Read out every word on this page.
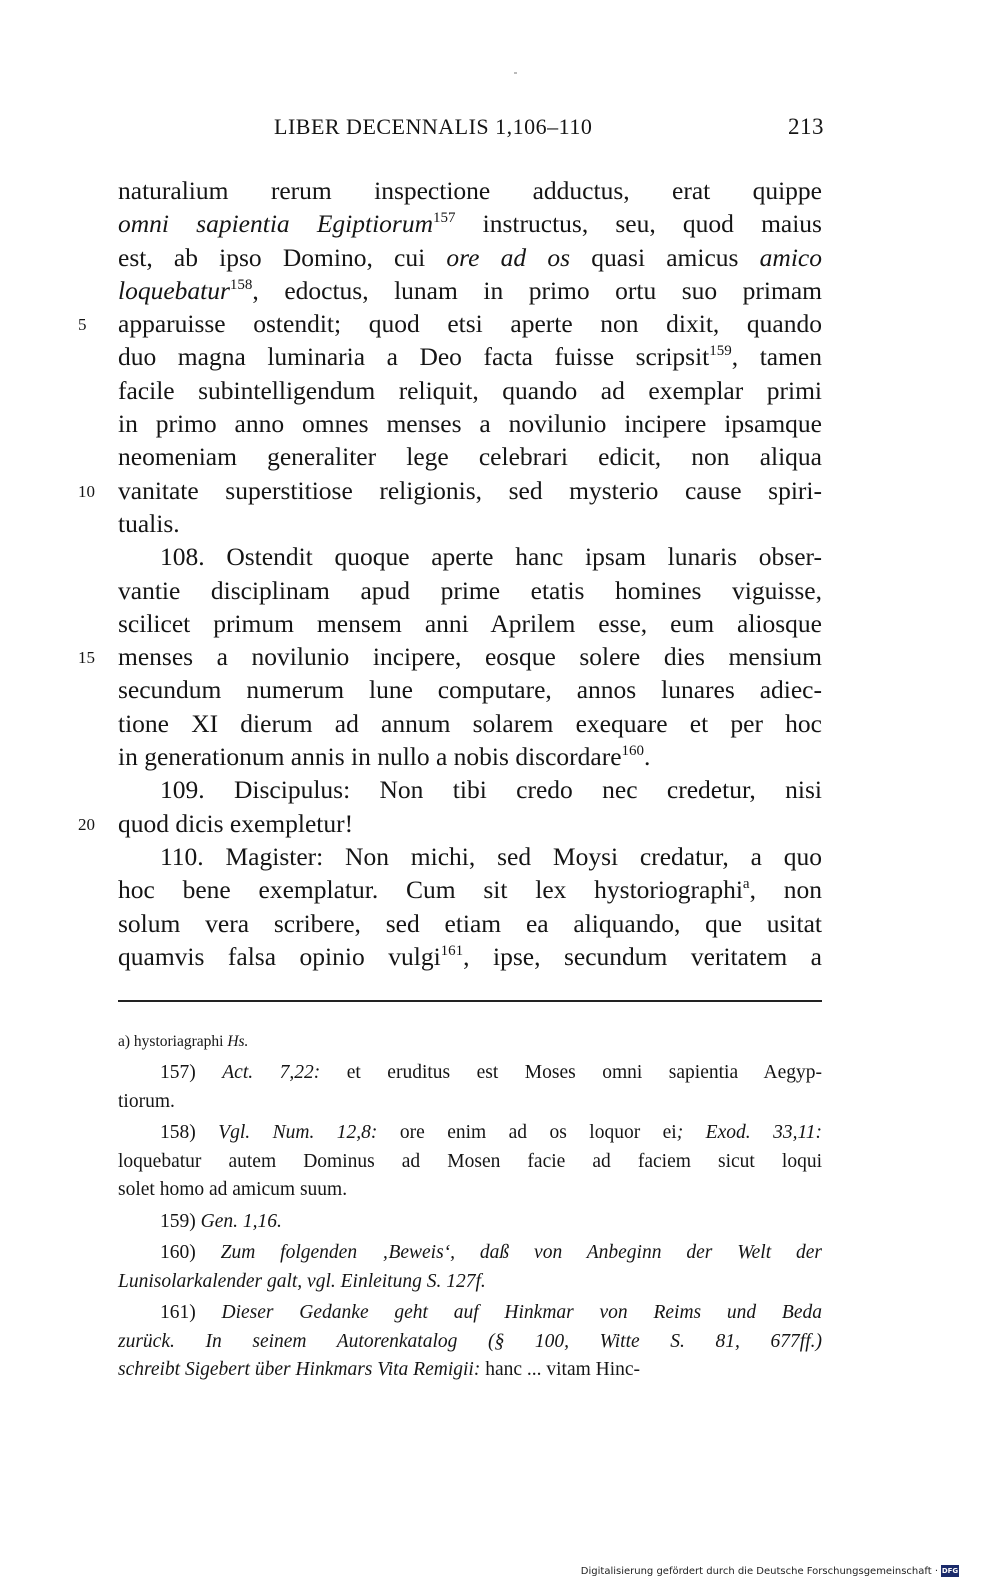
LIBER DECENNALIS 1,106–110	213
naturalium rerum inspectione adductus, erat quippe
omni sapientia Egiptiorum$^{157}$ instructus, seu, quod maius
est, ab ipso Domino, cui ore ad os quasi amicus amico
loquebatur$^{158}$, edoctus, lunam in primo ortu suo primam
5	apparuisse ostendit; quod etsi aperte non dixit, quando
duo magna luminaria a Deo facta fuisse scripsit$^{159}$, tamen
facile subintelligendum reliquit, quando ad exemplar primi
in primo anno omnes menses a novilunio incipere ipsamque
neomeniam generaliter lege celebrari edicit, non aliqua
10 vanitate superstitiose religionis, sed mysterio cause spiri-
tualis.
108. Ostendit quoque aperte hanc ipsam lunaris obser-
vantie disciplinam apud prime etatis homines viguisse,
scilicet primum mensem anni Aprilem esse, eum aliosque
15 menses a novilunio incipere, eosque solere dies mensium
secundum numerum lune computare, annos lunares adiec-
tione XI dierum ad annum solarem exequare et per hoc
in generationum annis in nullo a nobis discordare$^{160}$.
109. Discipulus: Non tibi credo nec credetur, nisi
20 quod dicis exempletur!
110. Magister: Non michi, sed Moysi credatur, a quo
hoc bene exemplatur. Cum sit lex hystoriographi$^a$, non
solum vera scribere, sed etiam ea aliquando, que usitat
quamvis falsa opinio vulgi$^{161}$, ipse, secundum veritatem a
a) hystoriagraphi Hs.
157) Act. 7,22: et eruditus est Moses omni sapientia Aegyp-
tiorum.
158) Vgl. Num. 12,8: ore enim ad os loquor ei; Exod. 33,11:
loquebatur autem Dominus ad Mosen facie ad faciem sicut loqui
solet homo ad amicum suum.
159) Gen. 1,16.
160) Zum folgenden ‚Beweis‘, daß von Anbeginn der Welt der
Lunisolarkalender galt, vgl. Einleitung S. 127f.
161) Dieser Gedanke geht auf Hinkmar von Reims und Beda
zurück. In seinem Autorenkatalog (§ 100, Witte S. 81, 677ff.)
schreibt Sigebert über Hinkmars Vita Remigii: hanc ... vitam Hinc-
Digitalisierung gefördert durch die Deutsche Forschungsgemeinschaft · DFG
